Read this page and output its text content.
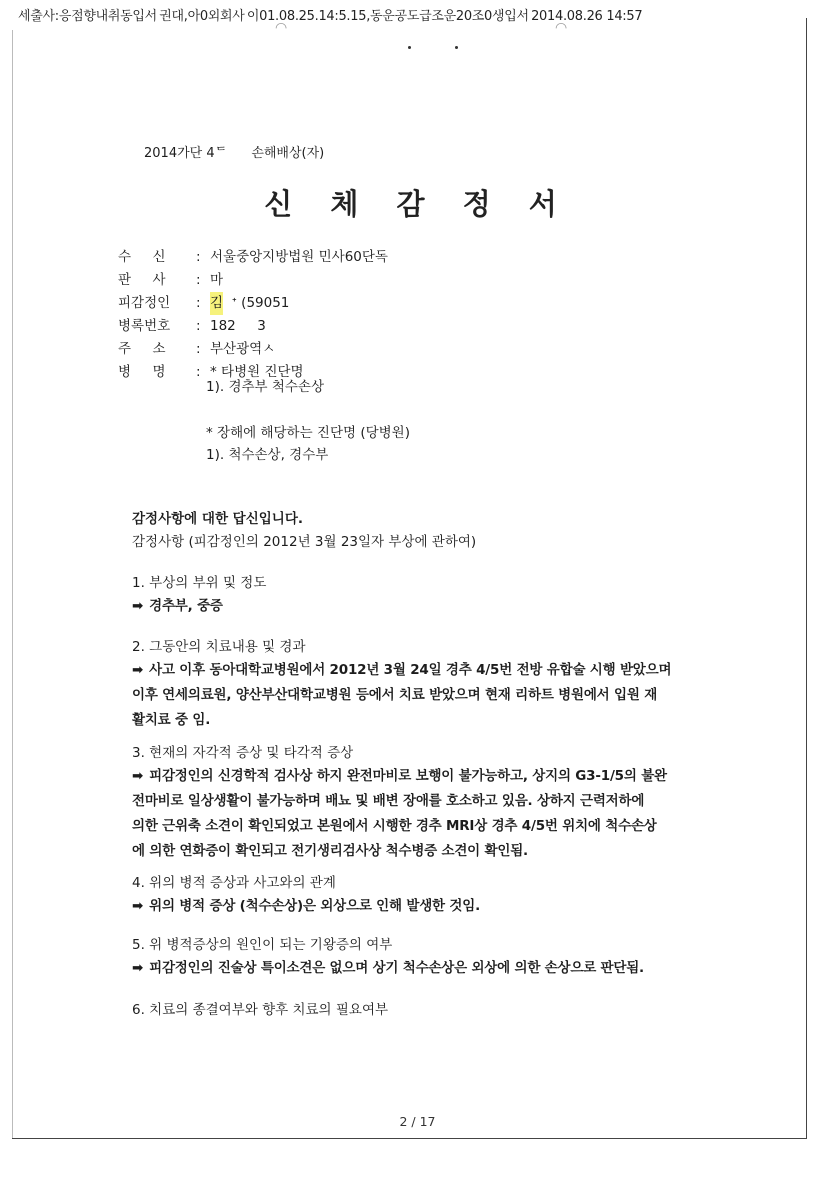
세출사:응점향내취동입서 권대,아0외회사 이01.08.25.14:5.15,동운공도급조운20조0생입서 2014.08.26 14:57
◠	◠
2014가단 4ᄃ 손해배상(자)
신 체 감 정 서
수     신	: 서울중앙지방법원 민사60단독
판     사	: 마
피감정인	: 김 ᐩ (59051
병록번호	: 182     3
주     소	: 부산광역ㅅ
병     명	: * 타병원 진단명
1). 경추부 척수손상
* 장해에 해당하는 진단명 (당병원)
1). 척수손상, 경수부
감정사항에 대한 답신입니다.
감정사항 (피감정인의 2012년 3월 23일자 부상에 관하여)
1. 부상의 부위 및 정도
➡ 경추부, 중증
2. 그동안의 치료내용 및 경과
➡ 사고 이후 동아대학교병원에서 2012년 3월 24일 경추 4/5번 전방 유합술 시행 받았으며
이후 연세의료원, 양산부산대학교병원 등에서 치료 받았으며 현재 리하트 병원에서 입원 재
활치료 중 임.
3. 현재의 자각적 증상 및 타각적 증상
➡ 피감정인의 신경학적 검사상 하지 완전마비로 보행이 불가능하고, 상지의 G3-1/5의 불완
전마비로 일상생활이 불가능하며 배뇨 및 배변 장애를 호소하고 있음. 상하지 근력저하에
의한 근위축 소견이 확인되었고 본원에서 시행한 경추 MRI상 경추 4/5번 위치에 척수손상
에 의한 연화증이 확인되고 전기생리검사상 척수병증 소견이 확인됨.
4. 위의 병적 증상과 사고와의 관계
➡ 위의 병적 증상 (척수손상)은 외상으로 인해 발생한 것임.
5. 위 병적증상의 원인이 되는 기왕증의 여부
➡ 피감정인의 진술상 특이소견은 없으며 상기 척수손상은 외상에 의한 손상으로 판단됨.
6. 치료의 종결여부와 향후 치료의 필요여부
2 / 17
